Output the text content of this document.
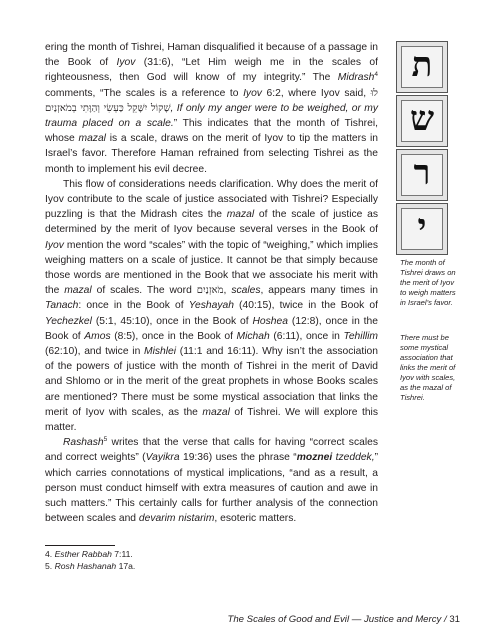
ering the month of Tishrei, Haman disqualified it because of a passage in the Book of Iyov (31:6), “Let Him weigh me in the scales of righteousness, then God will know of my integrity.” The Midrash$^4$ comments, “The scales is a reference to Iyov 6:2, where Iyov said, לוּ שָׁקוֹל יִשָּׁקֵל כַּעְשִׂי וְהַוָּתִי בְמֹאזְנַיִם, If only my anger were to be weighed, or my trauma placed on a scale.” This indicates that the month of Tishrei, whose mazal is a scale, draws on the merit of Iyov to tip the matters in Israel’s favor. Therefore Haman refrained from selecting Tishrei as the month to implement his evil decree.

This flow of considerations needs clarification. Why does the merit of Iyov contribute to the scale of justice associated with Tishrei? Especially puzzling is that the Midrash cites the mazal of the scale of justice as determined by the merit of Iyov because several verses in the Book of Iyov mention the word “scales” with the topic of “weighing,” which implies weighing matters on a scale of justice. It cannot be that simply because those words are mentioned in the Book that we associate his merit with the mazal of scales. The word מֹאזְנַיִם, scales, appears many times in Tanach: once in the Book of Yeshayah (40:15), twice in the Book of Yechezkel (5:1, 45:10), once in the Book of Hoshea (12:8), once in the Book of Amos (8:5), once in the Book of Michah (6:11), once in Tehillim (62:10), and twice in Mishlei (11:1 and 16:11). Why isn’t the association of the powers of justice with the month of Tishrei in the merit of David and Shlomo or in the merit of the great prophets in whose Books scales are mentioned? There must be some mystical association that links the merit of Iyov with scales, as the mazal of Tishrei. We will explore this matter.

Rashash$^5$ writes that the verse that calls for having “correct scales and correct weights” (Vayikra 19:36) uses the phrase “moznei tzeddek,” which carries connotations of mystical implications, “and as a result, a person must conduct himself with extra measures of caution and awe in such matters.” This certainly calls for further analysis of the connection between scales and devarim nistarim, esoteric matters.

ת
ש
ר
י
The month of Tishrei draws on the merit of Iyov to weigh matters in Israel’s favor.
There must be some mystical association that links the merit of Iyov with scales, as the mazal of Tishrei.
4. Esther Rabbah 7:11.
5. Rosh Hashanah 17a.
The Scales of Good and Evil — Justice and Mercy / 31
